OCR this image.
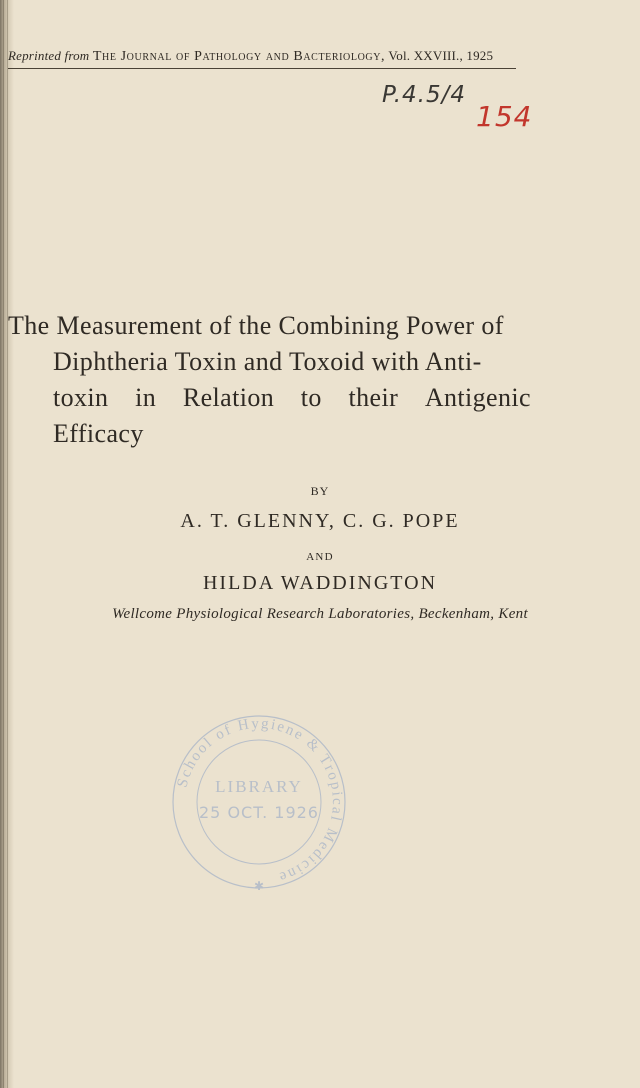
Reprinted from The Journal of Pathology and Bacteriology, Vol. XXVIII., 1925
P.4.5/4
154
The Measurement of the Combining Power of
Diphtheria Toxin and Toxoid with Anti-
toxin in Relation to their Antigenic
Efficacy
BY
A. T. GLENNY, C. G. POPE
AND
HILDA WADDINGTON
Wellcome Physiological Research Laboratories, Beckenham, Kent
School of Hygiene & Tropical Medicine
LIBRARY
25 OCT. 1926
✱
